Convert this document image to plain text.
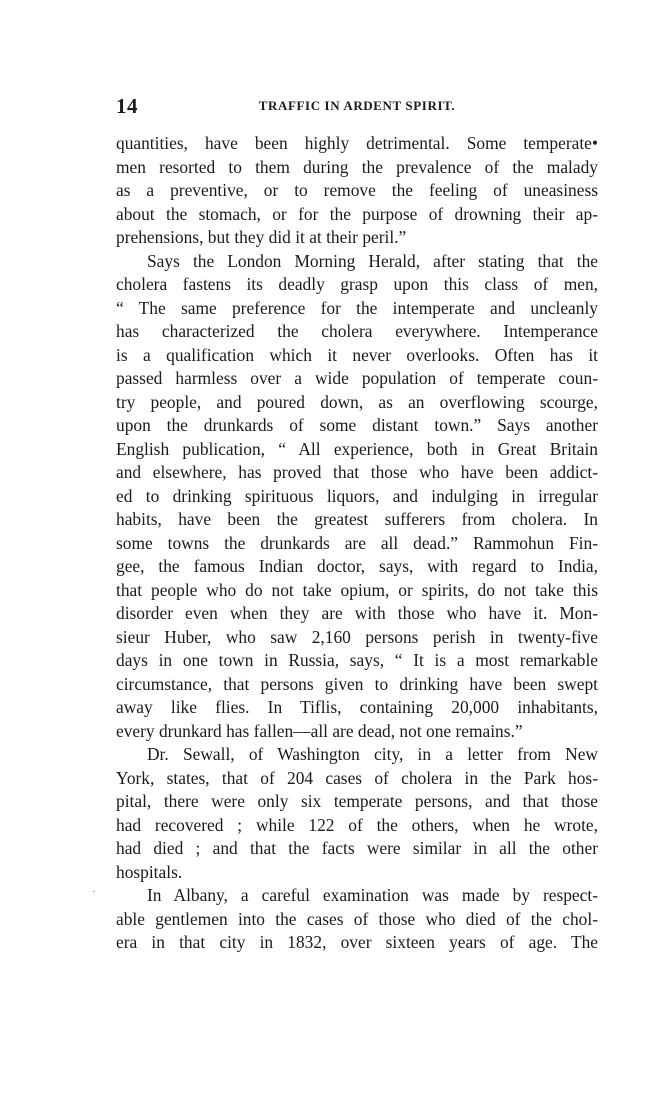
14	TRAFFIC IN ARDENT SPIRIT.
quantities, have been highly detrimental. Some temperate•
men resorted to them during the prevalence of the malady
as a preventive, or to remove the feeling of uneasiness
about the stomach, or for the purpose of drowning their ap-
prehensions, but they did it at their peril.”
Says the London Morning Herald, after stating that the
cholera fastens its deadly grasp upon this class of men,
“ The same preference for the intemperate and uncleanly
has characterized the cholera everywhere. Intemperance
is a qualification which it never overlooks. Often has it
passed harmless over a wide population of temperate coun-
try people, and poured down, as an overflowing scourge,
upon the drunkards of some distant town.” Says another
English publication, “ All experience, both in Great Britain
and elsewhere, has proved that those who have been addict-
ed to drinking spirituous liquors, and indulging in irregular
habits, have been the greatest sufferers from cholera. In
some towns the drunkards are all dead.” Rammohun Fin-
gee, the famous Indian doctor, says, with regard to India,
that people who do not take opium, or spirits, do not take this
disorder even when they are with those who have it. Mon-
sieur Huber, who saw 2,160 persons perish in twenty-five
days in one town in Russia, says, “ It is a most remarkable
circumstance, that persons given to drinking have been swept
away like flies. In Tiflis, containing 20,000 inhabitants,
every drunkard has fallen—all are dead, not one remains.”
Dr. Sewall, of Washington city, in a letter from New
York, states, that of 204 cases of cholera in the Park hos-
pital, there were only six temperate persons, and that those
had recovered ; while 122 of the others, when he wrote,
had died ; and that the facts were similar in all the other
hospitals.
In Albany, a careful examination was made by respect-
able gentlemen into the cases of those who died of the chol-
era in that city in 1832, over sixteen years of age. The
·
